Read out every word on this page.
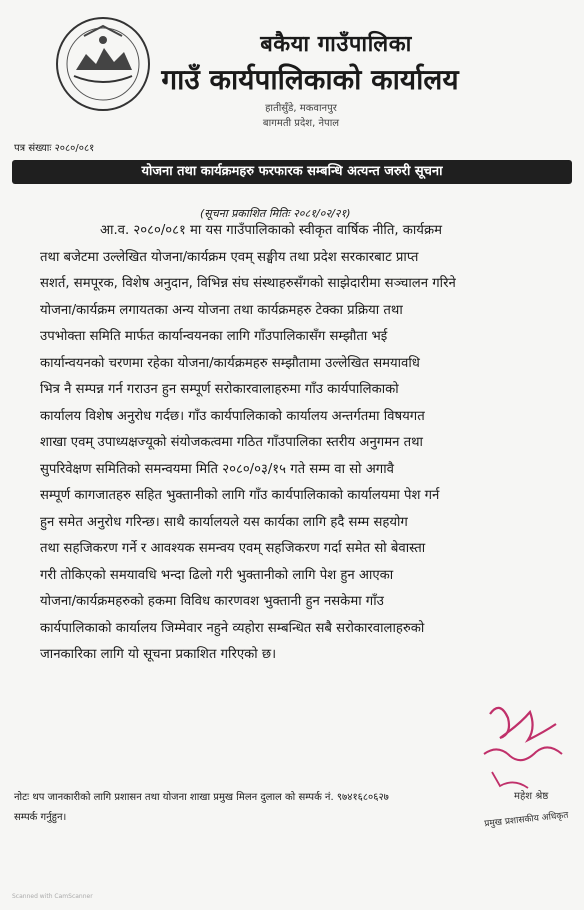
बकैया गाउँपालिका
गाउँ कार्यपालिकाको कार्यालय
हातीसुँडे, मकवानपुर
बागमती प्रदेश, नेपाल
पत्र संख्याः २०८०/०८१
योजना तथा कार्यक्रमहरु फरफारक सम्बन्धि अत्यन्त जरुरी सूचना
(सूचना प्रकाशित मितिः २०८१/०२/२१)
आ.व. २०८०/०८१ मा यस गाउँपालिकाको स्वीकृत वार्षिक नीति, कार्यक्रम
तथा बजेटमा उल्लेखित योजना/कार्यक्रम एवम् सङ्घीय तथा प्रदेश सरकारबाट प्राप्त
सशर्त, समपूरक, विशेष अनुदान, विभिन्न संघ संस्थाहरुसँगको साझेदारीमा सञ्चालन गरिने
योजना/कार्यक्रम लगायतका अन्य योजना तथा कार्यक्रमहरु टेक्का प्रक्रिया तथा
उपभोक्ता समिति मार्फत कार्यान्वयनका लागि गाँउपालिकासँग सम्झौता भई
कार्यान्वयनको चरणमा रहेका योजना/कार्यक्रमहरु सम्झौतामा उल्लेखित समयावधि
भित्र नै सम्पन्न गर्न गराउन हुन सम्पूर्ण सरोकारवालाहरुमा गाँउ कार्यपालिकाको
कार्यालय विशेष अनुरोध गर्दछ। गाँउ कार्यपालिकाको कार्यालय अन्तर्गतमा विषयगत
शाखा एवम् उपाध्यक्षज्यूको संयोजकत्वमा गठित गाँउपालिका स्तरीय अनुगमन तथा
सुपरिवेक्षण समितिको समन्वयमा मिति २०८०/०३/१५ गते सम्म वा सो अगावै
सम्पूर्ण कागजातहरु सहित भुक्तानीको लागि गाँउ कार्यपालिकाको कार्यालयमा पेश गर्न
हुन समेत अनुरोध गरिन्छ। साथै कार्यालयले यस कार्यका लागि हदै सम्म सहयोग
तथा सहजिकरण गर्ने र आवश्यक समन्वय एवम् सहजिकरण गर्दा समेत सो बेवास्ता
गरी तोकिएको समयावधि भन्दा ढिलो गरी भुक्तानीको लागि पेश हुन आएका
योजना/कार्यक्रमहरुको हकमा विविध कारणवश भुक्तानी हुन नसकेमा गाँउ
कार्यपालिकाको कार्यालय जिम्मेवार नहुने व्यहोरा सम्बन्धित सबै सरोकारवालाहरुको
जानकारिका लागि यो सूचना प्रकाशित गरिएको छ।
महेश श्रेष्ठ
प्रमुख प्रशासकीय अधिकृत
नोटः थप जानकारीको लागि प्रशासन तथा योजना शाखा प्रमुख मिलन दुलाल को सम्पर्क नं. ९७४१६८०६२७
सम्पर्क गर्नुहुन।
Scanned with CamScanner
